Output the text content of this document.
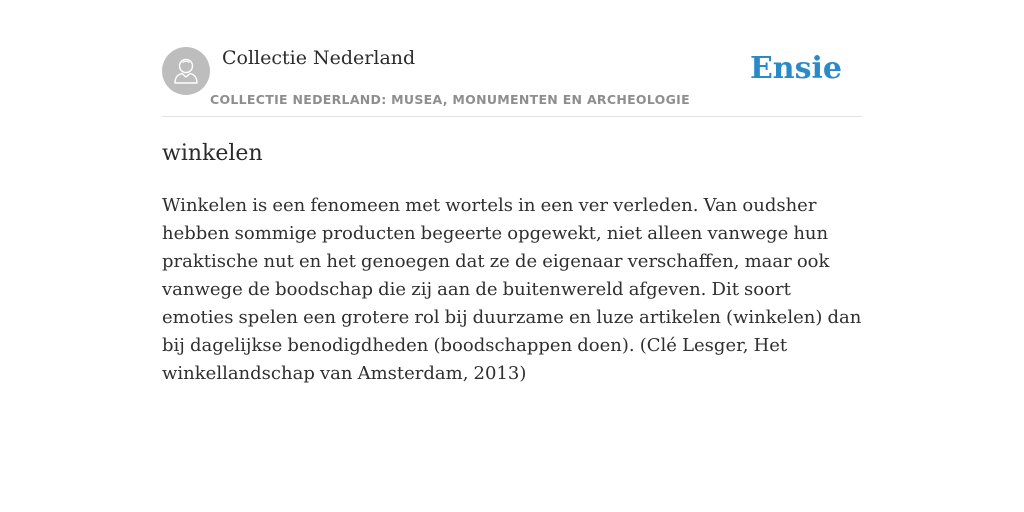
Collectie Nederland
COLLECTIE NEDERLAND: MUSEA, MONUMENTEN EN ARCHEOLOGIE
Ensie
winkelen

Winkelen is een fenomeen met wortels in een ver verleden. Van oudsher hebben sommige producten begeerte opgewekt, niet alleen vanwege hun praktische nut en het genoegen dat ze de eigenaar verschaffen, maar ook vanwege de boodschap die zij aan de buitenwereld afgeven. Dit soort emoties spelen een grotere rol bij duurzame en luze artikelen (winkelen) dan bij dagelijkse benodigdheden (boodschappen doen). (Clé Lesger, Het winkellandschap van Amsterdam, 2013)
